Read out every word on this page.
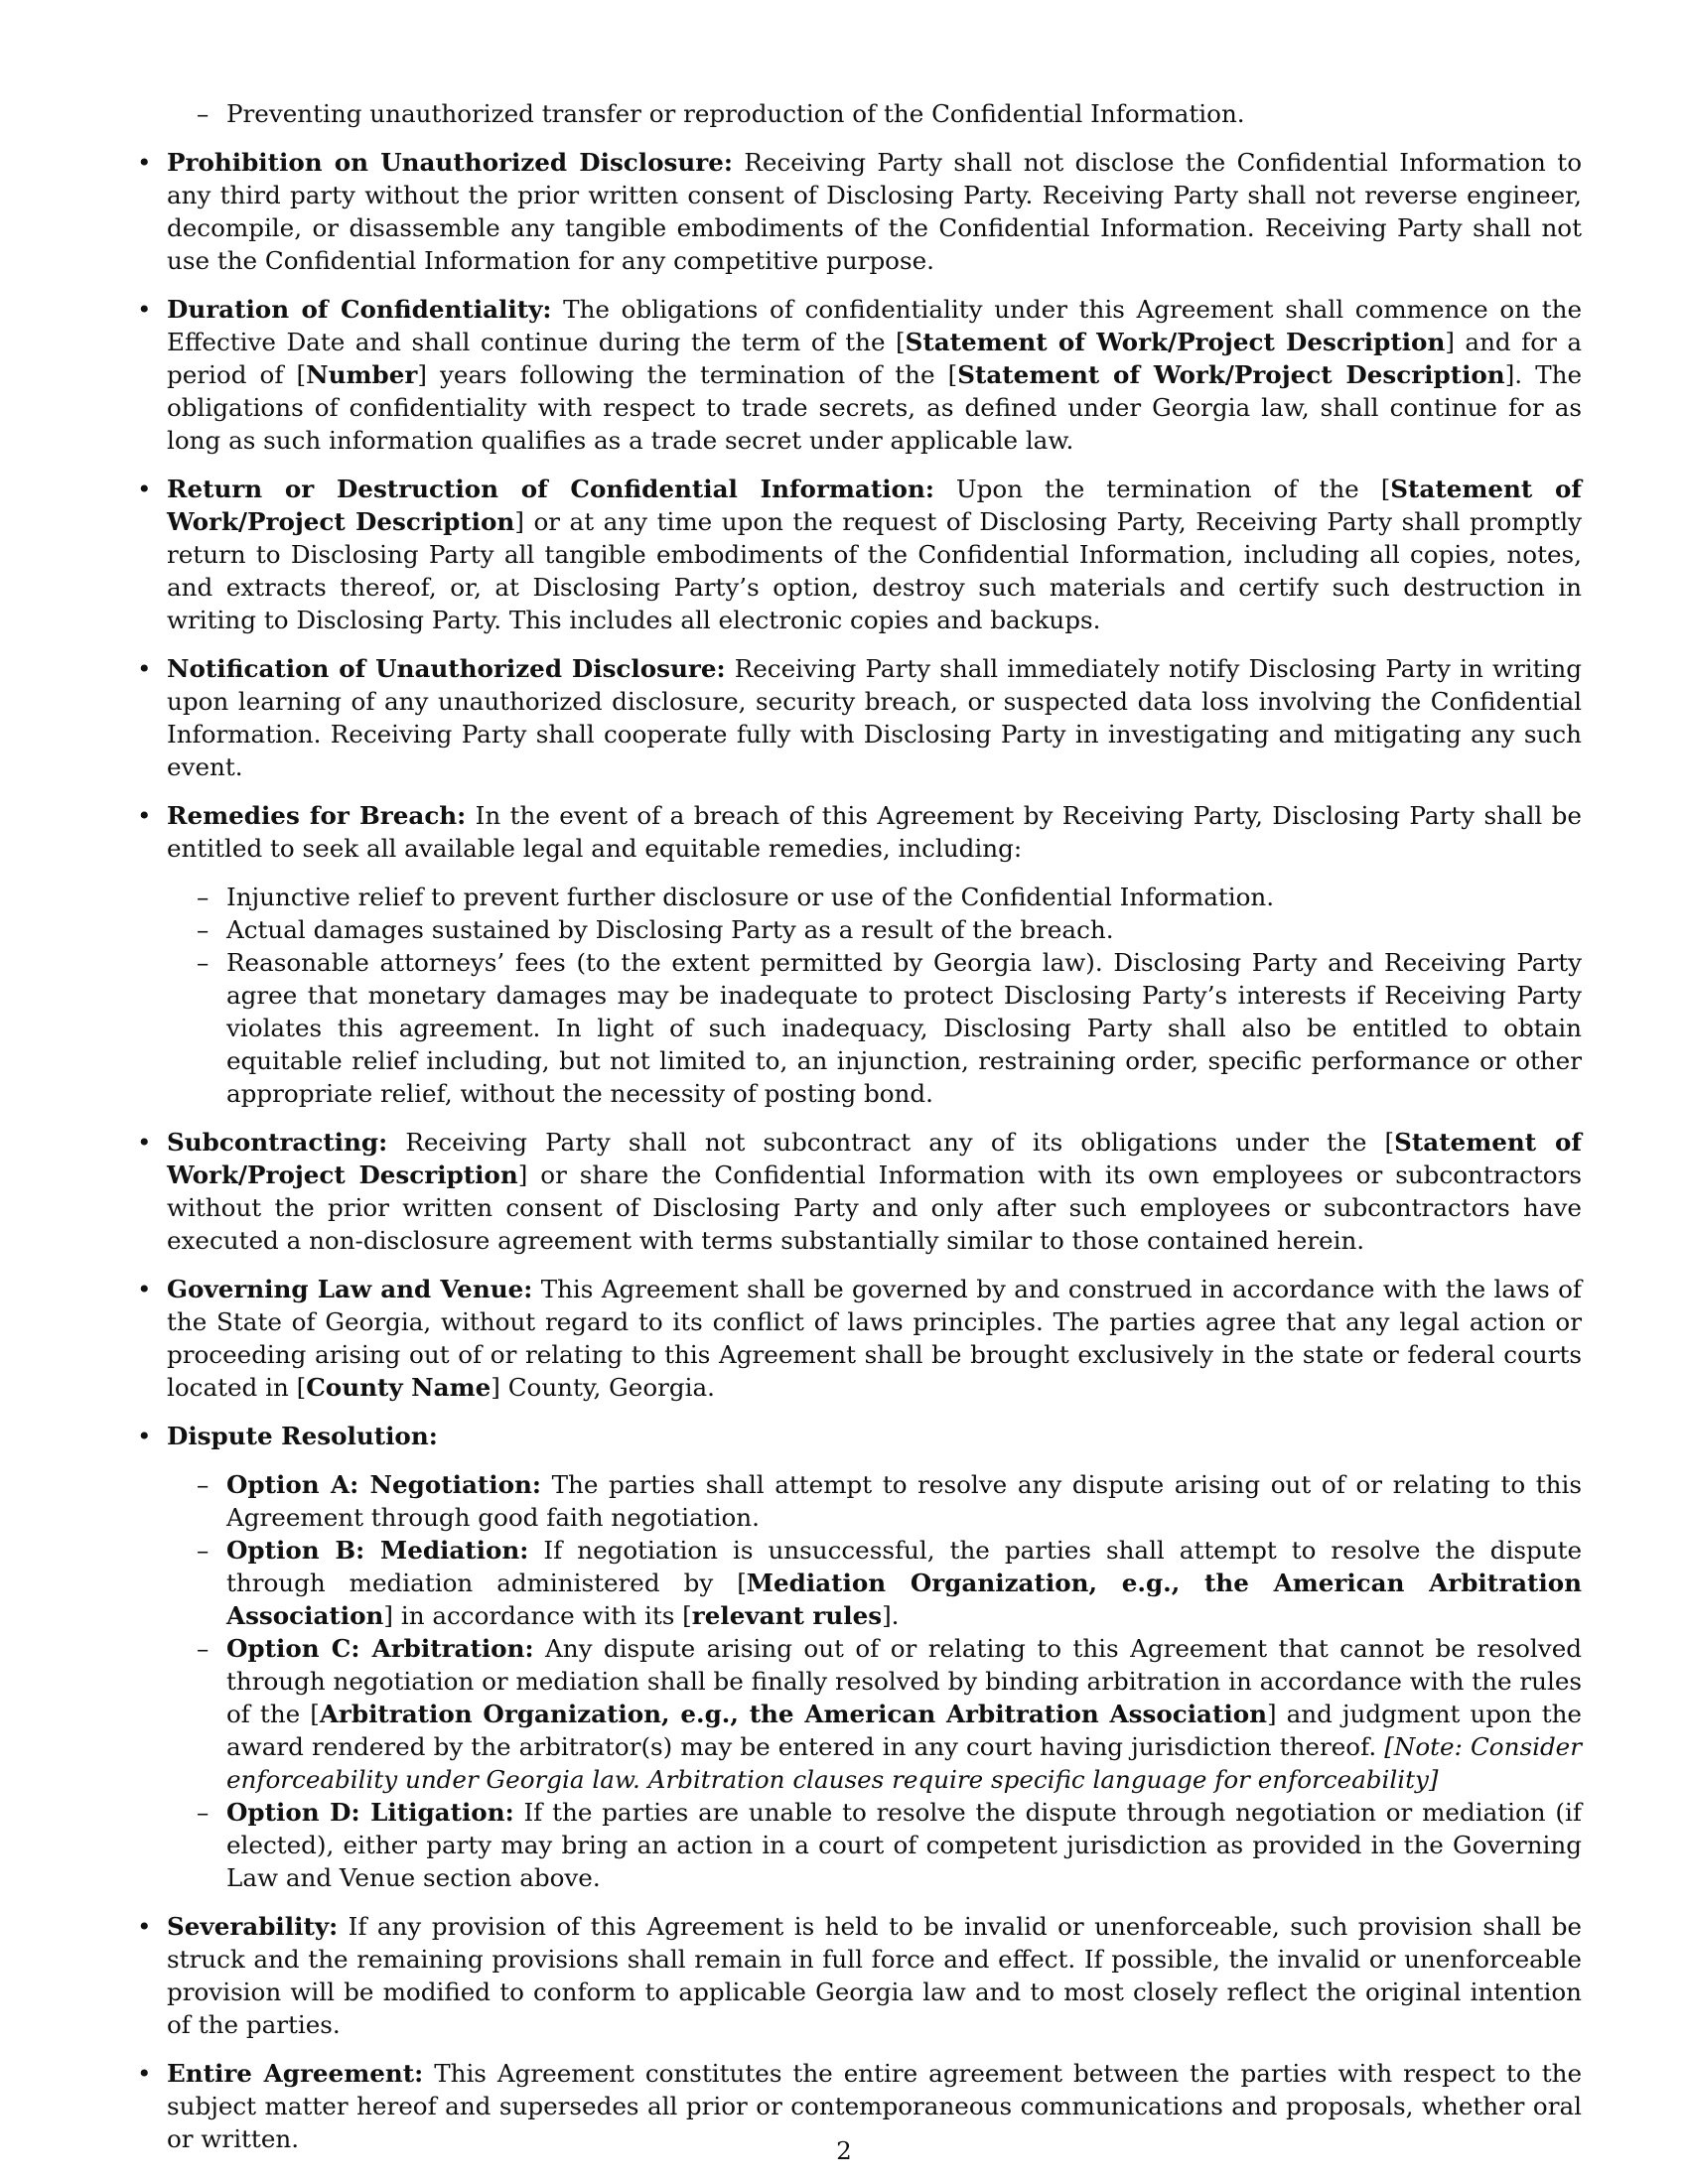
– Preventing unauthorized transfer or reproduction of the Confidential Information.
• Prohibition on Unauthorized Disclosure: Receiving Party shall not disclose the Confidential Information to any third party without the prior written consent of Disclosing Party. Receiving Party shall not reverse engineer, decompile, or disassemble any tangible embodiments of the Confidential Information. Receiving Party shall not use the Confidential Information for any competitive purpose.
• Duration of Confidentiality: The obligations of confidentiality under this Agreement shall commence on the Effective Date and shall continue during the term of the [Statement of Work/Project Description] and for a period of [Number] years following the termination of the [Statement of Work/Project Description]. The obligations of confidentiality with respect to trade secrets, as defined under Georgia law, shall continue for as long as such information qualifies as a trade secret under applicable law.
• Return or Destruction of Confidential Information: Upon the termination of the [Statement of Work/Project Description] or at any time upon the request of Disclosing Party, Receiving Party shall promptly return to Disclosing Party all tangible embodiments of the Confidential Information, including all copies, notes, and extracts thereof, or, at Disclosing Party’s option, destroy such materials and certify such destruction in writing to Disclosing Party. This includes all electronic copies and backups.
• Notification of Unauthorized Disclosure: Receiving Party shall immediately notify Disclosing Party in writing upon learning of any unauthorized disclosure, security breach, or suspected data loss involving the Confidential Information. Receiving Party shall cooperate fully with Disclosing Party in investigating and mitigating any such event.
• Remedies for Breach: In the event of a breach of this Agreement by Receiving Party, Disclosing Party shall be entitled to seek all available legal and equitable remedies, including:
– Injunctive relief to prevent further disclosure or use of the Confidential Information.
– Actual damages sustained by Disclosing Party as a result of the breach.
– Reasonable attorneys’ fees (to the extent permitted by Georgia law). Disclosing Party and Receiving Party agree that monetary damages may be inadequate to protect Disclosing Party’s interests if Receiving Party violates this agreement. In light of such inadequacy, Disclosing Party shall also be entitled to obtain equitable relief including, but not limited to, an injunction, restraining order, specific performance or other appropriate relief, without the necessity of posting bond.
• Subcontracting: Receiving Party shall not subcontract any of its obligations under the [Statement of Work/Project Description] or share the Confidential Information with its own employees or subcontractors without the prior written consent of Disclosing Party and only after such employees or subcontractors have executed a non-disclosure agreement with terms substantially similar to those contained herein.
• Governing Law and Venue: This Agreement shall be governed by and construed in accordance with the laws of the State of Georgia, without regard to its conflict of laws principles. The parties agree that any legal action or proceeding arising out of or relating to this Agreement shall be brought exclusively in the state or federal courts located in [County Name] County, Georgia.
• Dispute Resolution:
– Option A: Negotiation: The parties shall attempt to resolve any dispute arising out of or relating to this Agreement through good faith negotiation.
– Option B: Mediation: If negotiation is unsuccessful, the parties shall attempt to resolve the dispute through mediation administered by [Mediation Organization, e.g., the American Arbitration Association] in accordance with its [relevant rules].
– Option C: Arbitration: Any dispute arising out of or relating to this Agreement that cannot be resolved through negotiation or mediation shall be finally resolved by binding arbitration in accordance with the rules of the [Arbitration Organization, e.g., the American Arbitration Association] and judgment upon the award rendered by the arbitrator(s) may be entered in any court having jurisdiction thereof. [Note: Consider enforceability under Georgia law. Arbitration clauses require specific language for enforceability]
– Option D: Litigation: If the parties are unable to resolve the dispute through negotiation or mediation (if elected), either party may bring an action in a court of competent jurisdiction as provided in the Governing Law and Venue section above.
• Severability: If any provision of this Agreement is held to be invalid or unenforceable, such provision shall be struck and the remaining provisions shall remain in full force and effect. If possible, the invalid or unenforceable provision will be modified to conform to applicable Georgia law and to most closely reflect the original intention of the parties.
• Entire Agreement: This Agreement constitutes the entire agreement between the parties with respect to the subject matter hereof and supersedes all prior or contemporaneous communications and proposals, whether oral or written.	2
